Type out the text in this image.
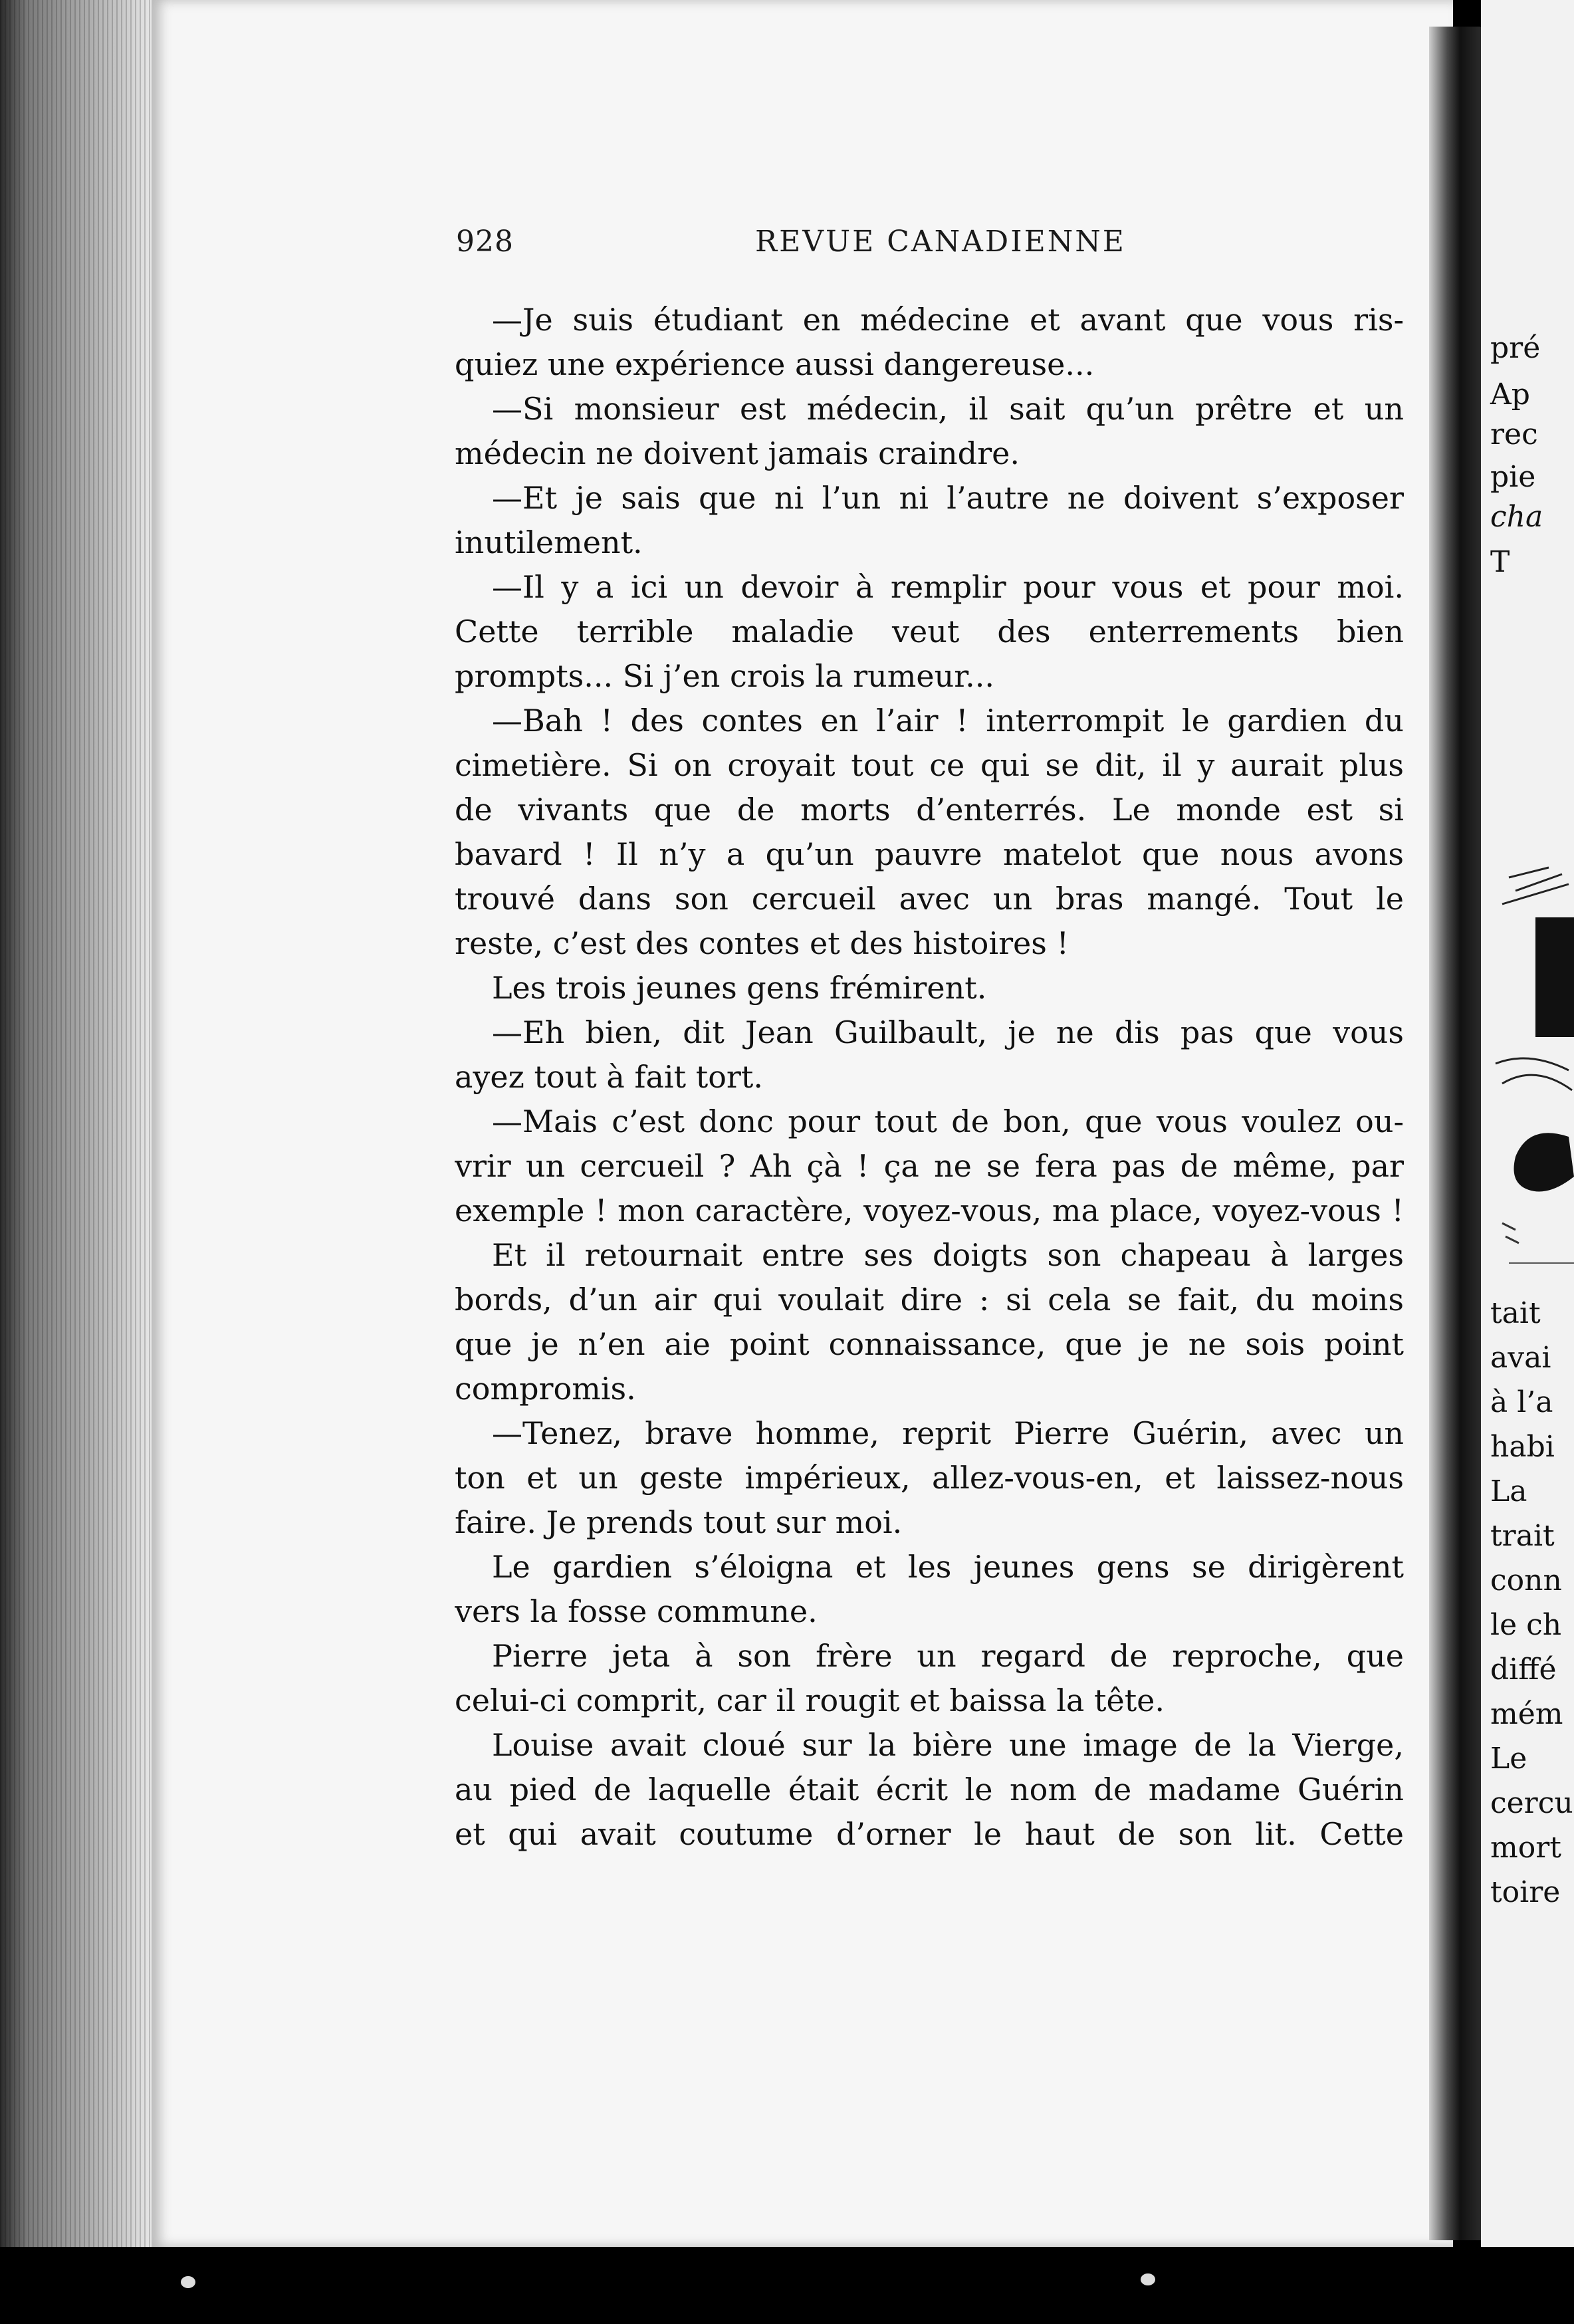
928	REVUE CANADIENNE
—Je suis étudiant en médecine et avant que vous ris-
quiez une expérience aussi dangereuse...
—Si monsieur est médecin, il sait qu’un prêtre et un
médecin ne doivent jamais craindre.
—Et je sais que ni l’un ni l’autre ne doivent s’exposer
inutilement.
—Il y a ici un devoir à remplir pour vous et pour moi.
Cette terrible maladie veut des enterrements bien
prompts... Si j’en crois la rumeur...
—Bah ! des contes en l’air ! interrompit le gardien du
cimetière. Si on croyait tout ce qui se dit, il y aurait plus
de vivants que de morts d’enterrés. Le monde est si
bavard ! Il n’y a qu’un pauvre matelot que nous avons
trouvé dans son cercueil avec un bras mangé. Tout le
reste, c’est des contes et des histoires !
Les trois jeunes gens frémirent.
—Eh bien, dit Jean Guilbault, je ne dis pas que vous
ayez tout à fait tort.
—Mais c’est donc pour tout de bon, que vous voulez ou-
vrir un cercueil ? Ah çà ! ça ne se fera pas de même, par
exemple ! mon caractère, voyez-vous, ma place, voyez-vous !
Et il retournait entre ses doigts son chapeau à larges
bords, d’un air qui voulait dire : si cela se fait, du moins
que je n’en aie point connaissance, que je ne sois point
compromis.
—Tenez, brave homme, reprit Pierre Guérin, avec un
ton et un geste impérieux, allez-vous-en, et laissez-nous
faire. Je prends tout sur moi.
Le gardien s’éloigna et les jeunes gens se dirigèrent
vers la fosse commune.
Pierre jeta à son frère un regard de reproche, que
celui-ci comprit, car il rougit et baissa la tête.
Louise avait cloué sur la bière une image de la Vierge,
au pied de laquelle était écrit le nom de madame Guérin
et qui avait coutume d’orner le haut de son lit. Cette
pré
Ap
rec
pie
cha
T
tait
avai
à l’a
habi
La
trait
conn
le ch
diffé
mém
Le
cercu
mort
toire
